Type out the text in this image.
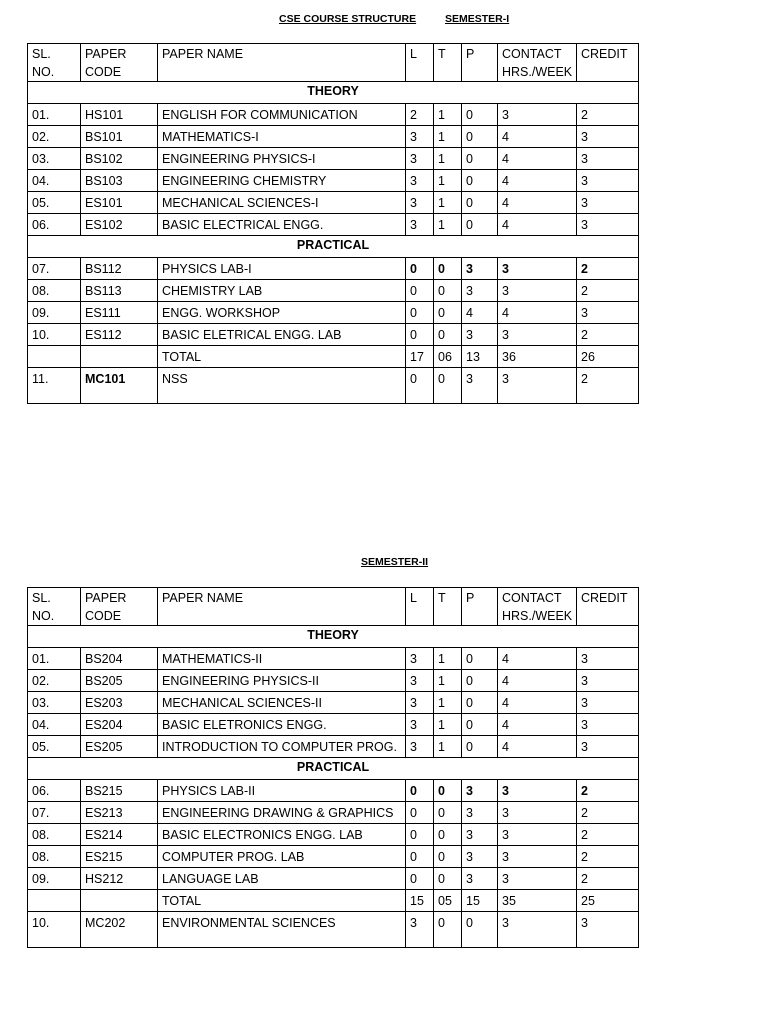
CSE COURSE STRUCTURE	SEMESTER-I
SL. NO.	PAPER CODE	PAPER NAME	L	T	P	CONTACT HRS./WEEK	CREDIT
THEORY							
01.	HS101	ENGLISH FOR COMMUNICATION	2	1	0	3	2
02.	BS101	MATHEMATICS-I	3	1	0	4	3
03.	BS102	ENGINEERING PHYSICS-I	3	1	0	4	3
04.	BS103	ENGINEERING CHEMISTRY	3	1	0	4	3
05.	ES101	MECHANICAL SCIENCES-I	3	1	0	4	3
06.	ES102	BASIC ELECTRICAL ENGG.	3	1	0	4	3
PRACTICAL							
07.	BS112	PHYSICS LAB-I	0	0	3	3	2
08.	BS113	CHEMISTRY LAB	0	0	3	3	2
09.	ES111	ENGG. WORKSHOP	0	0	4	4	3
10.	ES112	BASIC ELETRICAL ENGG. LAB	0	0	3	3	2
		TOTAL	17	06	13	36	26
11.	MC101	NSS	0	0	3	3	2
SEMESTER-II
SL. NO.	PAPER CODE	PAPER NAME	L	T	P	CONTACT HRS./WEEK	CREDIT
THEORY							
01.	BS204	MATHEMATICS-II	3	1	0	4	3
02.	BS205	ENGINEERING PHYSICS-II	3	1	0	4	3
03.	ES203	MECHANICAL SCIENCES-II	3	1	0	4	3
04.	ES204	BASIC ELETRONICS ENGG.	3	1	0	4	3
05.	ES205	INTRODUCTION TO COMPUTER PROG.	3	1	0	4	3
PRACTICAL							
06.	BS215	PHYSICS LAB-II	0	0	3	3	2
07.	ES213	ENGINEERING DRAWING & GRAPHICS	0	0	3	3	2
08.	ES214	BASIC ELECTRONICS ENGG. LAB	0	0	3	3	2
08.	ES215	COMPUTER PROG. LAB	0	0	3	3	2
09.	HS212	LANGUAGE LAB	0	0	3	3	2
		TOTAL	15	05	15	35	25
10.	MC202	ENVIRONMENTAL SCIENCES	3	0	0	3	3
